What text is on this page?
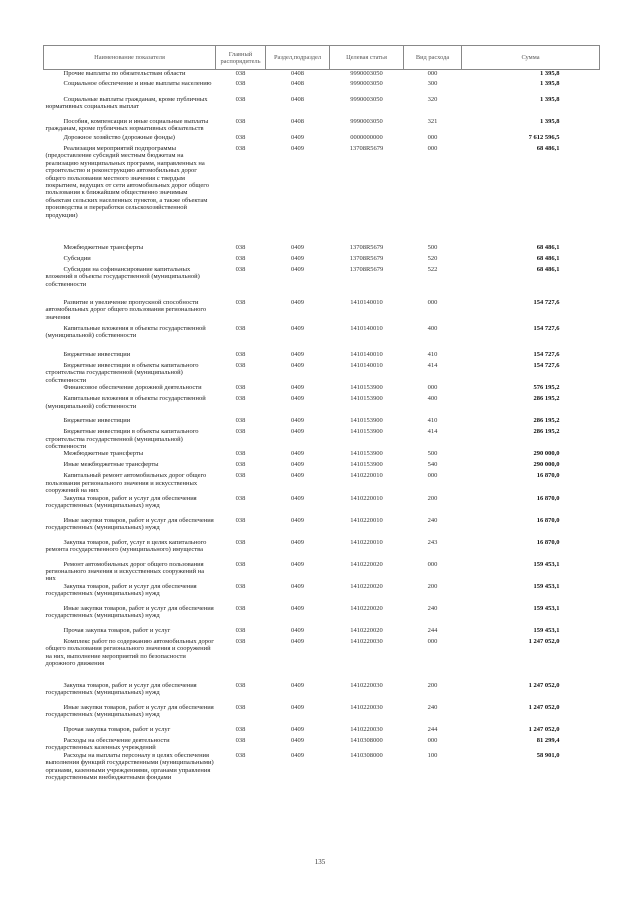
Наименование показателя	Главный распорядитель	Раздел,подраздел	Целевая статья	Вид расхода	Сумма
Прочие выплаты по обязательствам области	038	0408	9990003050	000	1 395,8
Социальное обеспечение и иные выплаты населению	038	0408	9990003050	300	1 395,8
Социальные выплаты гражданам, кроме публичных нормативных социальных выплат	038	0408	9990003050	320	1 395,8
Пособия, компенсации и иные социальные выплаты гражданам, кроме публичных нормативных обязательств	038	0408	9990003050	321	1 395,8
Дорожное хозяйство (дорожные фонды)	038	0409	0000000000	000	7 612 596,5
Реализация мероприятий подпрограммы (предоставление субсидий местным бюджетам на реализацию муниципальных программ, направленных на строительство и реконструкцию автомобильных дорог общего пользования местного значения с твердым покрытием, ведущих от сети автомобильных дорог общего пользования к ближайшим общественно значимым объектам сельских населенных пунктов, а также объектам производства и переработки сельскохозяйственной продукции)	038	0409	13708R5679	000	68 486,1
Межбюджетные трансферты	038	0409	13708R5679	500	68 486,1
Субсидии	038	0409	13708R5679	520	68 486,1
Субсидии на софинансирование капитальных вложений в объекты государственной (муниципальной) собственности	038	0409	13708R5679	522	68 486,1
Развитие и увеличение пропускной способности автомобильных дорог общего пользования регионального значения	038	0409	1410140010	000	154 727,6
Капитальные вложения в объекты государственной (муниципальной) собственности	038	0409	1410140010	400	154 727,6
Бюджетные инвестиции	038	0409	1410140010	410	154 727,6
Бюджетные инвестиции в объекты капитального строительства государственной (муниципальной) собственности	038	0409	1410140010	414	154 727,6
Финансовое обеспечение дорожной деятельности	038	0409	1410153900	000	576 195,2
Капитальные вложения в объекты государственной (муниципальной) собственности	038	0409	1410153900	400	286 195,2
Бюджетные инвестиции	038	0409	1410153900	410	286 195,2
Бюджетные инвестиции в объекты капитального строительства государственной (муниципальной) собственности	038	0409	1410153900	414	286 195,2
Межбюджетные трансферты	038	0409	1410153900	500	290 000,0
Иные межбюджетные трансферты	038	0409	1410153900	540	290 000,0
Капитальный ремонт автомобильных дорог общего пользования регионального значения и искусственных сооружений на них	038	0409	1410220010	000	16 870,0
Закупка товаров, работ и услуг для обеспечения государственных (муниципальных) нужд	038	0409	1410220010	200	16 870,0
Иные закупки товаров, работ и услуг для обеспечения государственных (муниципальных) нужд	038	0409	1410220010	240	16 870,0
Закупка товаров, работ, услуг в целях капитального ремонта государственного (муниципального) имущества	038	0409	1410220010	243	16 870,0
Ремонт автомобильных дорог общего пользования регионального значения и искусственных сооружений на них	038	0409	1410220020	000	159 453,1
Закупка товаров, работ и услуг для обеспечения государственных (муниципальных) нужд	038	0409	1410220020	200	159 453,1
Иные закупки товаров, работ и услуг для обеспечения государственных (муниципальных) нужд	038	0409	1410220020	240	159 453,1
Прочая закупка товаров, работ и услуг	038	0409	1410220020	244	159 453,1
Комплекс работ по содержанию автомобильных дорог общего пользования регионального значения и сооружений на них, выполнение мероприятий по безопасности дорожного движения	038	0409	1410220030	000	1 247 052,0
Закупка товаров, работ и услуг для обеспечения государственных (муниципальных) нужд	038	0409	1410220030	200	1 247 052,0
Иные закупки товаров, работ и услуг для обеспечения государственных (муниципальных) нужд	038	0409	1410220030	240	1 247 052,0
Прочая закупка товаров, работ и услуг	038	0409	1410220030	244	1 247 052,0
Расходы на обеспечение деятельности государственных казенных учреждений	038	0409	1410308000	000	81 299,4
Расходы на выплаты персоналу в целях обеспечения выполнения функций государственными (муниципальными) органами, казенными учреждениями, органами управления государственными внебюджетными фондами	038	0409	1410308000	100	58 901,0
135
